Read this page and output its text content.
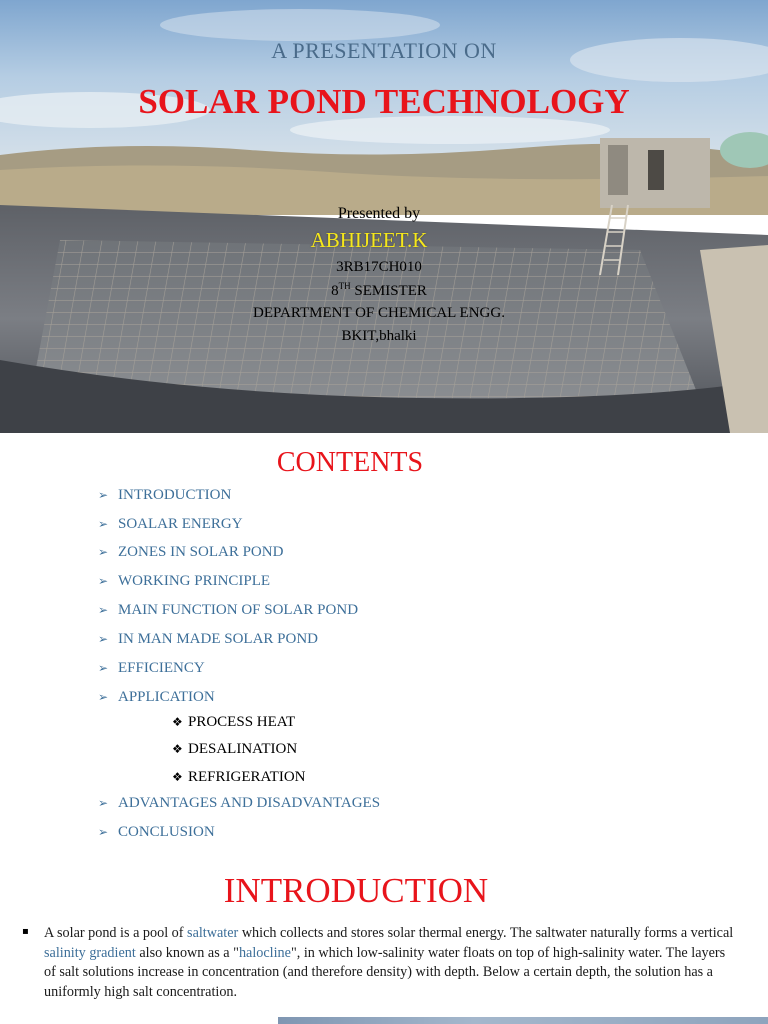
A PRESENTATION ON
SOLAR POND TECHNOLOGY
Presented by
ABHIJEET.K
3RB17CH010
8TH SEMISTER
DEPARTMENT OF CHEMICAL ENGG.
BKIT,bhalki
CONTENTS
➢ INTRODUCTION
➢ SOALAR ENERGY
➢ ZONES IN SOLAR POND
➢ WORKING PRINCIPLE
➢ MAIN FUNCTION OF SOLAR POND
➢ IN MAN MADE SOLAR POND
➢ EFFICIENCY
➢ APPLICATION
❖ PROCESS HEAT
❖ DESALINATION
❖ REFRIGERATION
➢ ADVANTAGES AND DISADVANTAGES
➢ CONCLUSION
INTRODUCTION
▪ A solar pond is a pool of saltwater which collects and stores solar thermal energy. The saltwater naturally forms a vertical salinity gradient also known as a "halocline", in which low-salinity water floats on top of high-salinity water. The layers of salt solutions increase in concentration (and therefore density) with depth. Below a certain depth, the solution has a uniformly high salt concentration.
